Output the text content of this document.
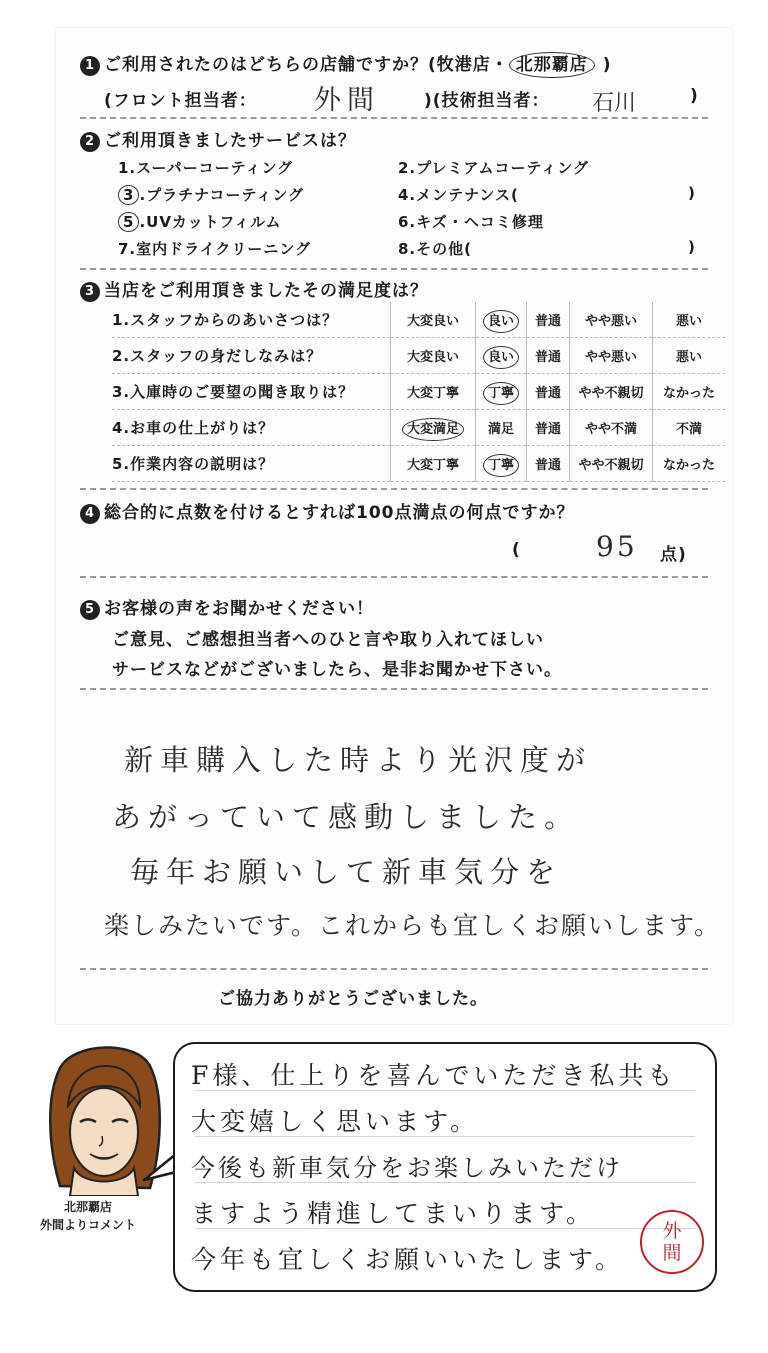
1 ご利用されたのはどちらの店舗ですか？(牧港店・ 北那覇店 )
(フロント担当者： 外間	)(技術担当者： 石川	)
2 ご利用頂きましたサービスは？
1.スーパーコーティング	2.プレミアムコーティング
3 .プラチナコーティング	4.メンテナンス(	)
5 .UVカットフィルム	6.キズ・ヘコミ修理
7.室内ドライクリーニング	8.その他(	)
3 当店をご利用頂きましたその満足度は？
1.スタッフからのあいさつは？	大変良い	良い	普通	やや悪い	悪い
2.スタッフの身だしなみは？	大変良い	良い	普通	やや悪い	悪い
3.入庫時のご要望の聞き取りは？	大変丁寧	丁寧	普通	やや不親切	なかった
4.お車の仕上がりは？	大変満足	満足	普通	やや不満	不満
5.作業内容の説明は？	大変丁寧	丁寧	普通	やや不親切	なかった
4 総合的に点数を付けるとすれば100点満点の何点ですか？
(	95 点)
5 お客様の声をお聞かせください！
ご意見、ご感想担当者へのひと言や取り入れてほしい
サービスなどがございましたら、是非お聞かせ下さい。
新車購入した時より光沢度が
あがっていて感動しました。
毎年お願いして新車気分を
楽しみたいです。これからも宜しくお願いします。
ご協力ありがとうございました。
北那覇店
外間よりコメント
F様、仕上りを喜んでいただき私共も
大変嬉しく思います。
今後も新車気分をお楽しみいただけ
ますよう精進してまいります。
今年も宜しくお願いいたします。
外間
